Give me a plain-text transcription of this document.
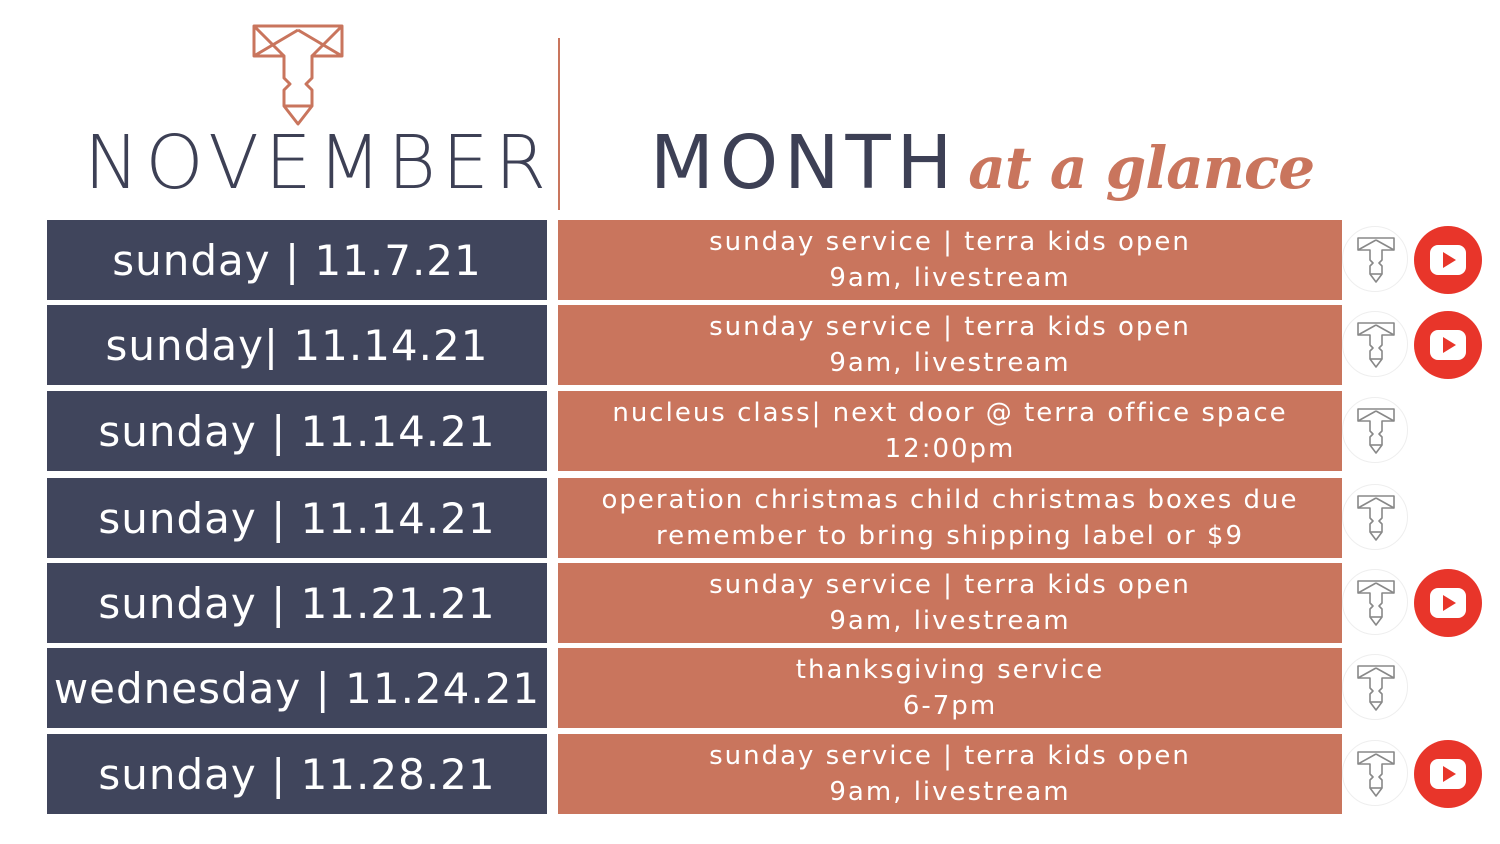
NOVEMBER MONTH at a glance
sunday | 11.7.21	sunday service | terra kids open
9am, livestream
sunday| 11.14.21	sunday service | terra kids open
9am, livestream
sunday | 11.14.21	nucleus class| next door @ terra office space
12:00pm
sunday | 11.14.21	operation christmas child christmas boxes due
remember to bring shipping label or $9
sunday | 11.21.21	sunday service | terra kids open
9am, livestream
wednesday | 11.24.21	thanksgiving service
6-7pm
sunday | 11.28.21	sunday service | terra kids open
9am, livestream
